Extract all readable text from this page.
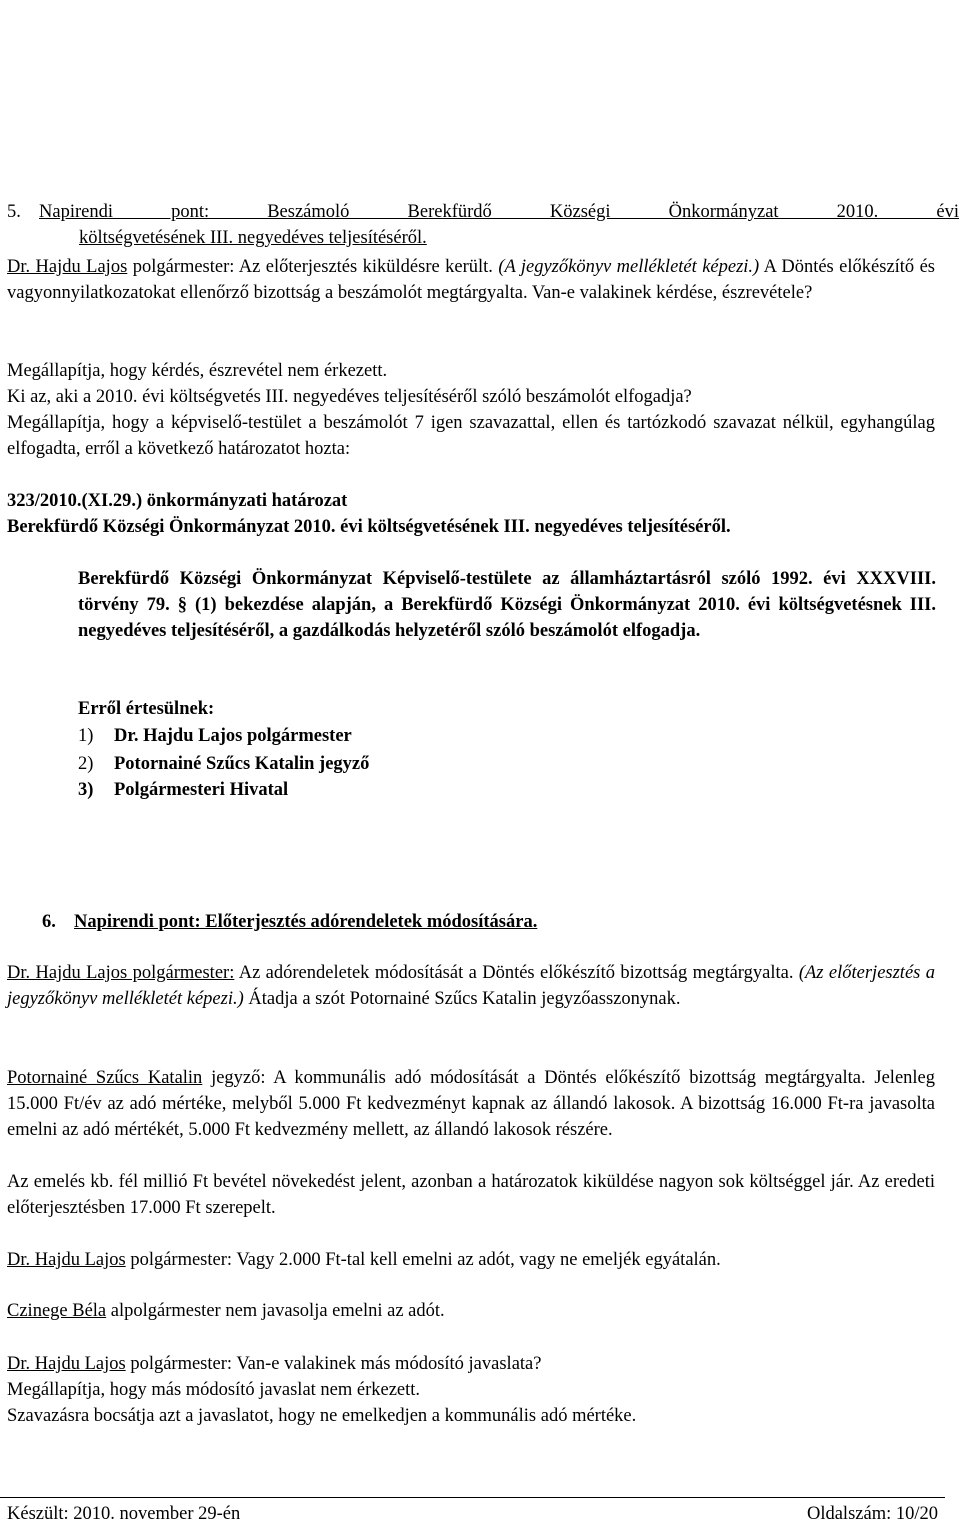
5. Napirendi pont: Beszámoló Berekfürdő Községi Önkormányzat 2010. évi
költségvetésének III. negyedéves teljesítéséről.

Dr. Hajdu Lajos polgármester: Az előterjesztés kiküldésre került. (A jegyzőkönyv mellékletét képezi.) A Döntés előkészítő és vagyonnyilatkozatokat ellenőrző bizottság a beszámolót megtárgyalta. Van-e valakinek kérdése, észrevétele?

Megállapítja, hogy kérdés, észrevétel nem érkezett.
Ki az, aki a 2010. évi költségvetés III. negyedéves teljesítéséről szóló beszámolót elfogadja?

Megállapítja, hogy a képviselő-testület a beszámolót 7 igen szavazattal, ellen és tartózkodó szavazat nélkül, egyhangúlag elfogadta, erről a következő határozatot hozta:

323/2010.(XI.29.) önkormányzati határozat
Berekfürdő Községi Önkormányzat 2010. évi költségvetésének III. negyedéves teljesítéséről.

Berekfürdő Községi Önkormányzat Képviselő-testülete az államháztartásról szóló 1992. évi XXXVIII. törvény 79. § (1) bekezdése alapján, a Berekfürdő Községi Önkormányzat 2010. évi költségvetésnek III. negyedéves teljesítéséről, a gazdálkodás helyzetéről szóló beszámolót elfogadja.

Erről értesülnek:
1) Dr. Hajdu Lajos polgármester
2) Potornainé Szűcs Katalin jegyző
3) Polgármesteri Hivatal
6. Napirendi pont: Előterjesztés adórendeletek módosítására.

Dr. Hajdu Lajos polgármester: Az adórendeletek módosítását a Döntés előkészítő bizottság megtárgyalta. (Az előterjesztés a jegyzőkönyv mellékletét képezi.) Átadja a szót Potornainé Szűcs Katalin jegyzőasszonynak.

Potornainé Szűcs Katalin jegyző: A kommunális adó módosítását a Döntés előkészítő bizottság megtárgyalta. Jelenleg 15.000 Ft/év az adó mértéke, melyből 5.000 Ft kedvezményt kapnak az állandó lakosok. A bizottság 16.000 Ft-ra javasolta emelni az adó mértékét, 5.000 Ft kedvezmény mellett, az állandó lakosok részére.

Az emelés kb. fél millió Ft bevétel növekedést jelent, azonban a határozatok kiküldése nagyon sok költséggel jár. Az eredeti előterjesztésben 17.000 Ft szerepelt.

Dr. Hajdu Lajos polgármester: Vagy 2.000 Ft-tal kell emelni az adót, vagy ne emeljék egyátalán.
Czinege Béla alpolgármester nem javasolja emelni az adót.
Dr. Hajdu Lajos polgármester: Van-e valakinek más módosító javaslata?
Megállapítja, hogy más módosító javaslat nem érkezett.
Szavazásra bocsátja azt a javaslatot, hogy ne emelkedjen a kommunális adó mértéke.
Készült: 2010. november 29-én	Oldalszám: 10/20
